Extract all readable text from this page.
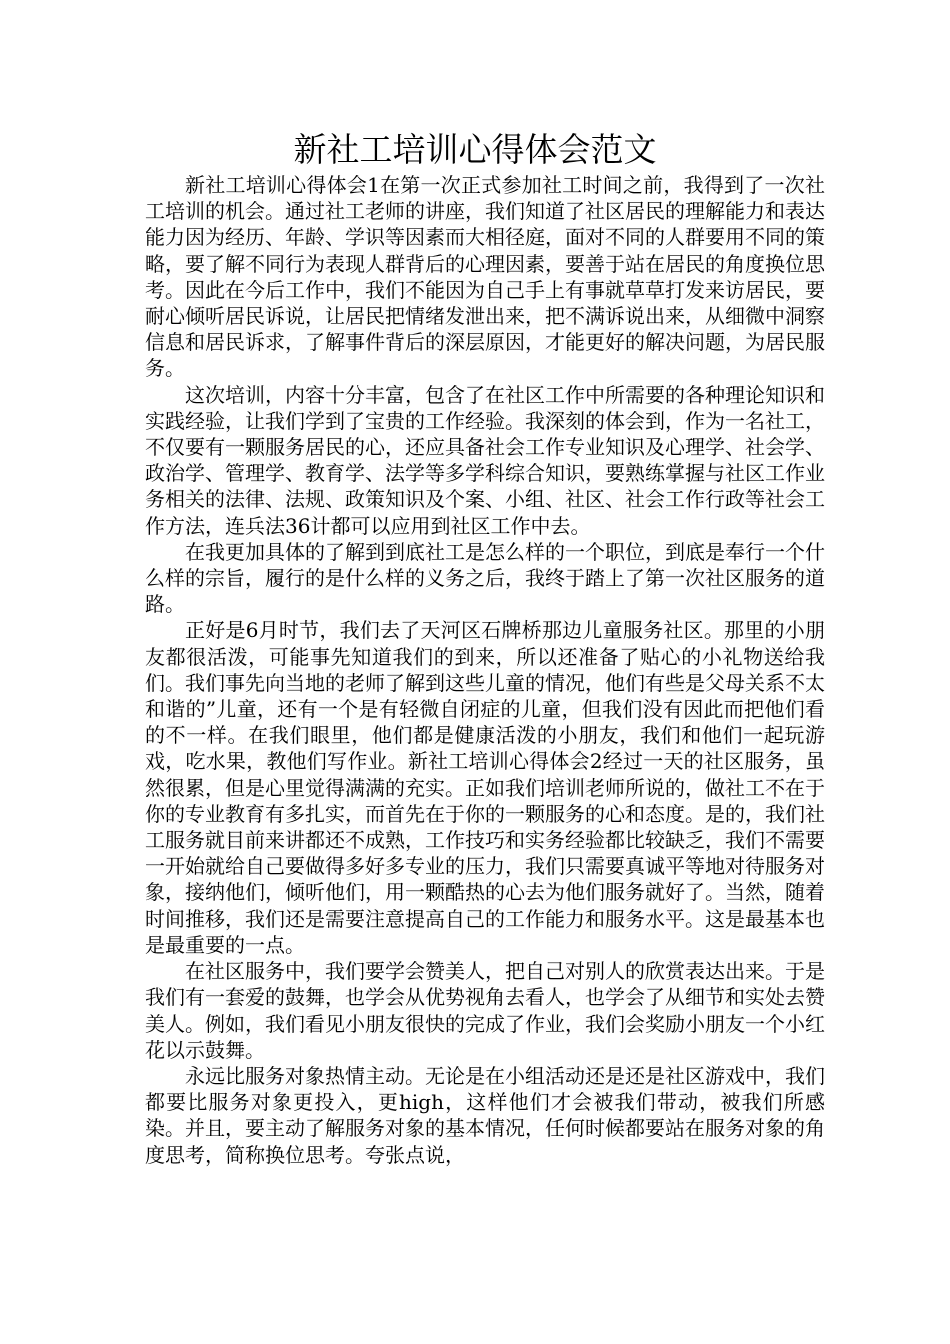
新社工培训心得体会范文

新社工培训心得体会1在第一次正式参加社工时间之前，我得到了一次社工培训的机会。通过社工老师的讲座，我们知道了社区居民的理解能力和表达能力因为经历、年龄、学识等因素而大相径庭，面对不同的人群要用不同的策略，要了解不同行为表现人群背后的心理因素，要善于站在居民的角度换位思考。因此在今后工作中，我们不能因为自己手上有事就草草打发来访居民，要耐心倾听居民诉说，让居民把情绪发泄出来，把不满诉说出来，从细微中洞察信息和居民诉求，了解事件背后的深层原因，才能更好的解决问题，为居民服务。

这次培训，内容十分丰富，包含了在社区工作中所需要的各种理论知识和实践经验，让我们学到了宝贵的工作经验。我深刻的体会到，作为一名社工，不仅要有一颗服务居民的心，还应具备社会工作专业知识及心理学、社会学、政治学、管理学、教育学、法学等多学科综合知识，要熟练掌握与社区工作业务相关的法律、法规、政策知识及个案、小组、社区、社会工作行政等社会工作方法，连兵法36计都可以应用到社区工作中去。

在我更加具体的了解到到底社工是怎么样的一个职位，到底是奉行一个什么样的宗旨，履行的是什么样的义务之后，我终于踏上了第一次社区服务的道路。

正好是6月时节，我们去了天河区石牌桥那边儿童服务社区。那里的小朋友都很活泼，可能事先知道我们的到来，所以还准备了贴心的小礼物送给我们。我们事先向当地的老师了解到这些儿童的情况，他们有些是父母关系不太和谐的”儿童，还有一个是有轻微自闭症的儿童，但我们没有因此而把他们看的不一样。在我们眼里，他们都是健康活泼的小朋友，我们和他们一起玩游戏，吃水果，教他们写作业。新社工培训心得体会2经过一天的社区服务，虽然很累，但是心里觉得满满的充实。正如我们培训老师所说的，做社工不在于你的专业教育有多扎实，而首先在于你的一颗服务的心和态度。是的，我们社工服务就目前来讲都还不成熟，工作技巧和实务经验都比较缺乏，我们不需要一开始就给自己要做得多好多专业的压力，我们只需要真诚平等地对待服务对象，接纳他们，倾听他们，用一颗酷热的心去为他们服务就好了。当然，随着时间推移，我们还是需要注意提高自己的工作能力和服务水平。这是最基本也是最重要的一点。

在社区服务中，我们要学会赞美人，把自己对别人的欣赏表达出来。于是我们有一套爱的鼓舞，也学会从优势视角去看人，也学会了从细节和实处去赞美人。例如，我们看见小朋友很快的完成了作业，我们会奖励小朋友一个小红花以示鼓舞。

永远比服务对象热情主动。无论是在小组活动还是还是社区游戏中，我们都要比服务对象更投入，更high，这样他们才会被我们带动，被我们所感染。并且，要主动了解服务对象的基本情况，任何时候都要站在服务对象的角度思考，简称换位思考。夸张点说，
